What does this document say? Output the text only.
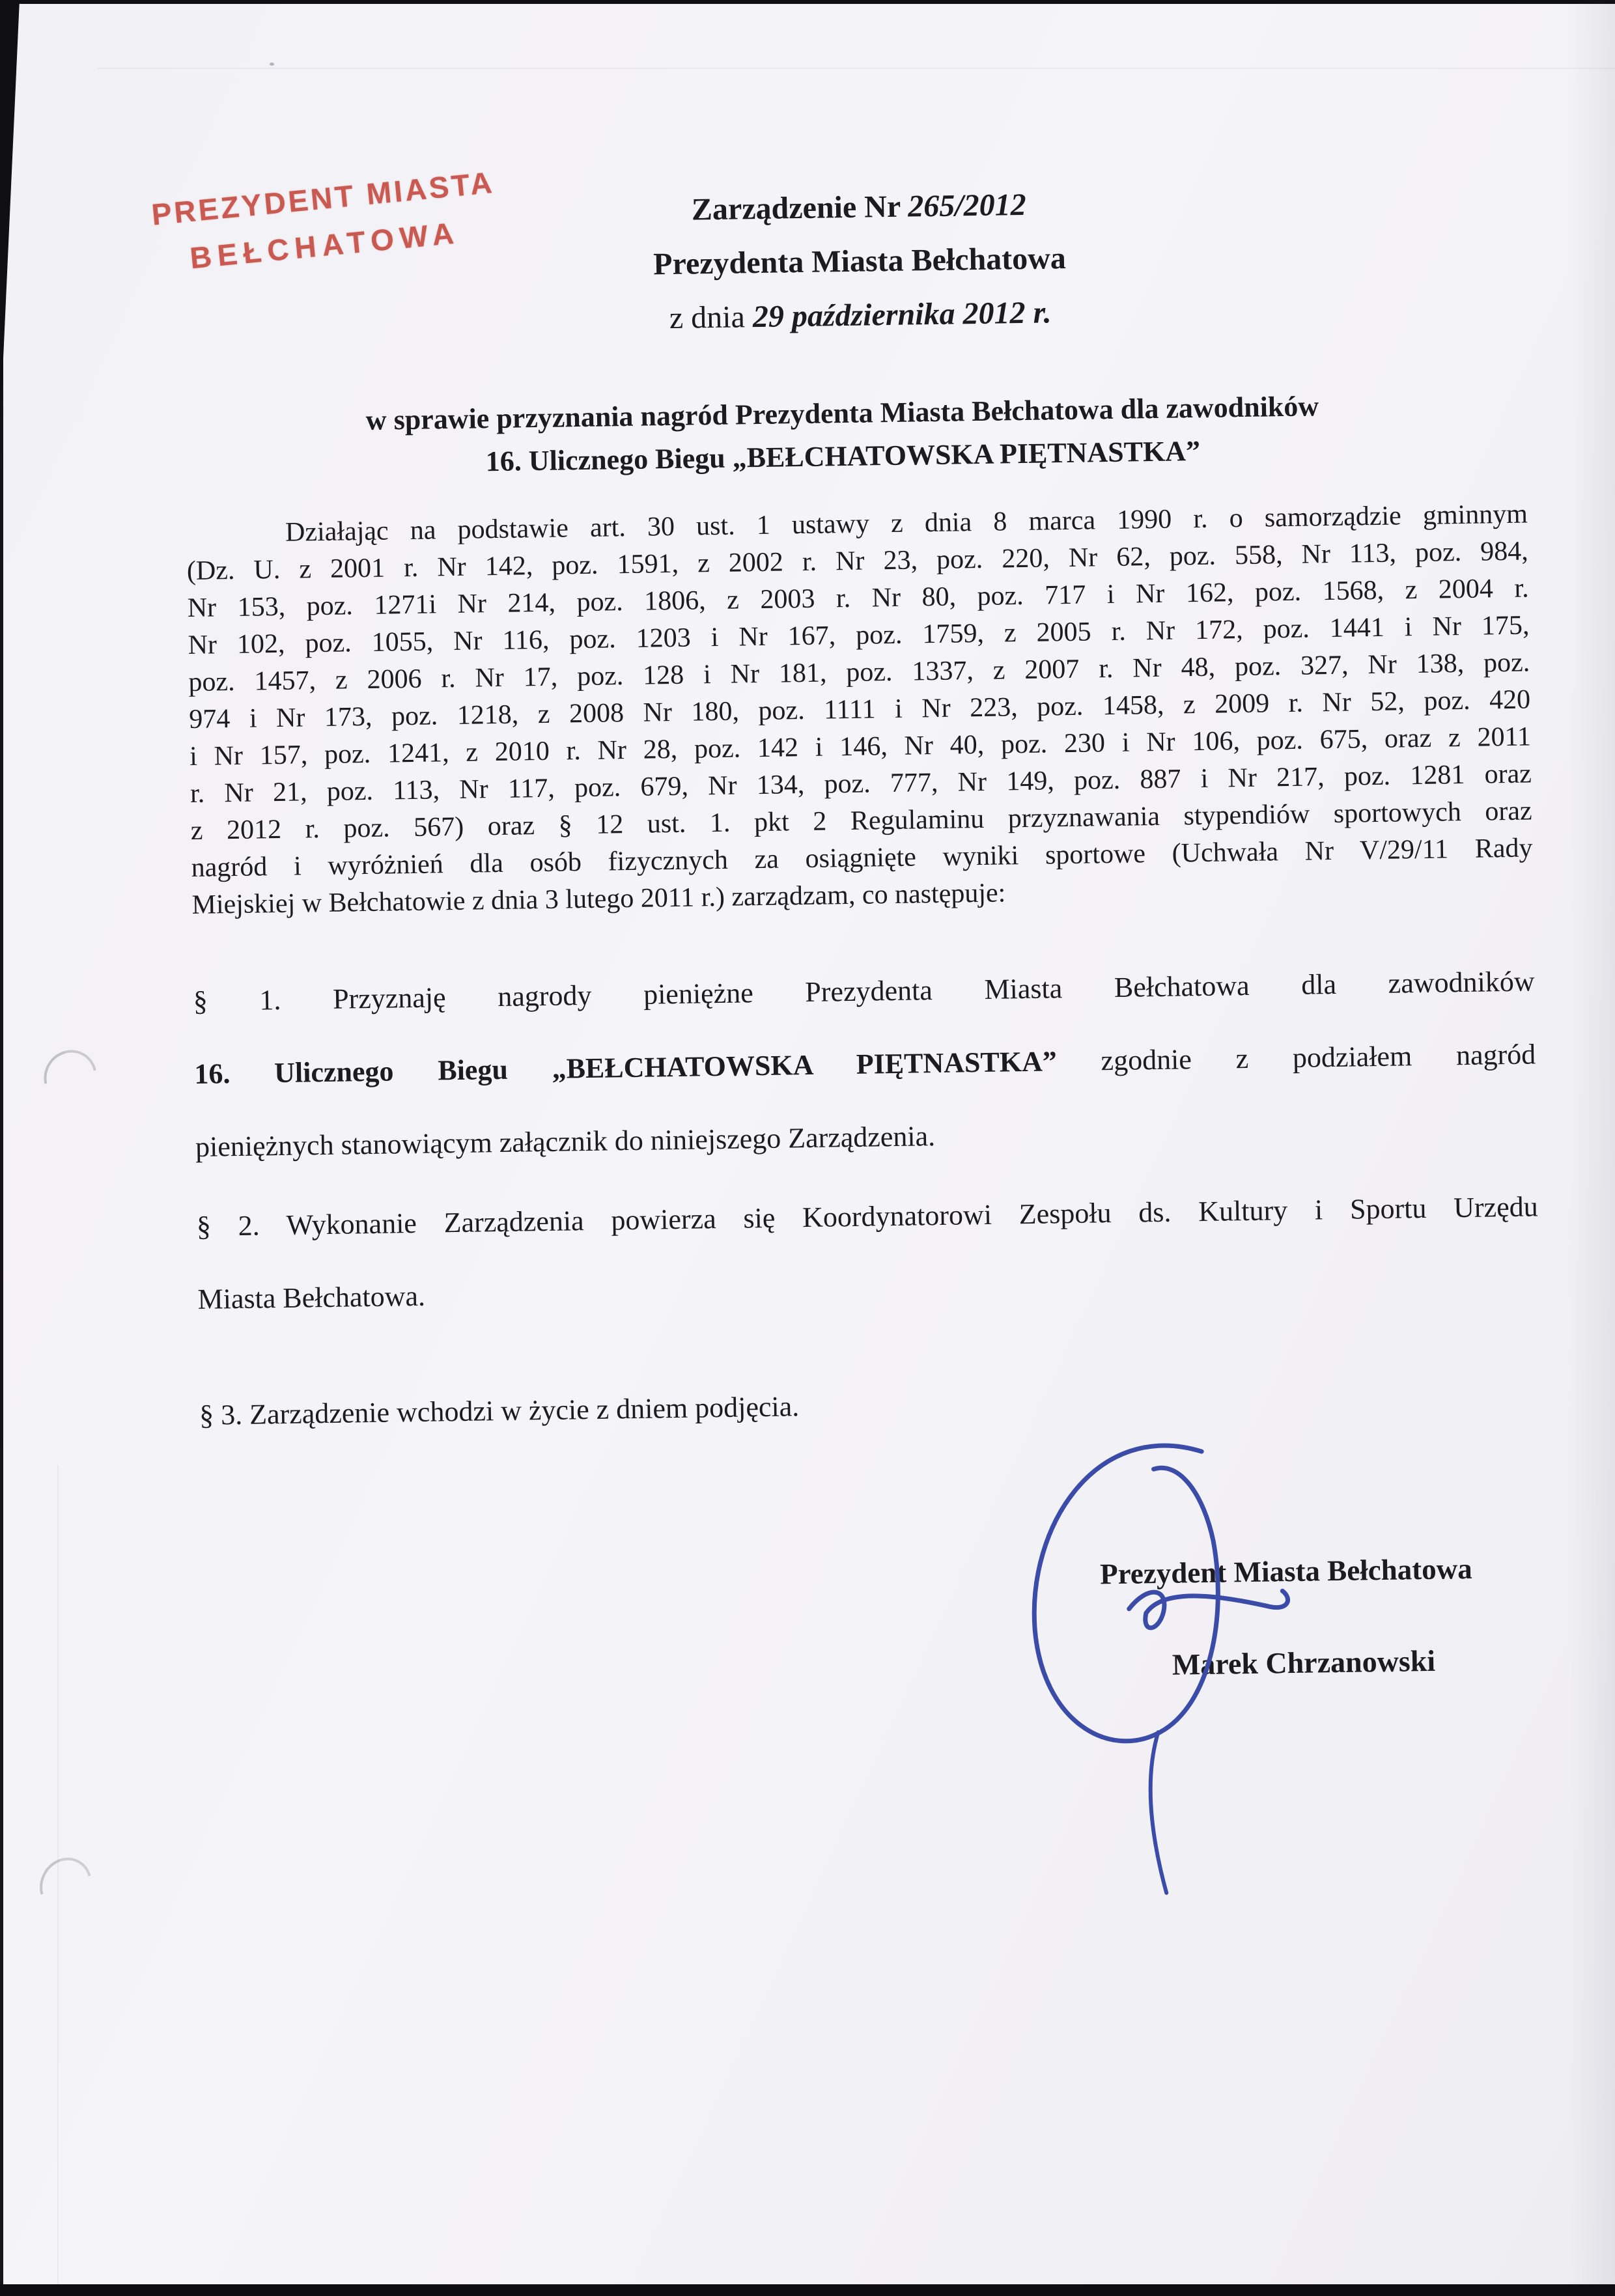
PREZYDENT MIASTA
BEŁCHATOWA
Zarządzenie Nr 265/2012
Prezydenta Miasta Bełchatowa
z dnia 29 października 2012 r.
w sprawie przyznania nagród Prezydenta Miasta Bełchatowa dla zawodników
16. Ulicznego Biegu „BEŁCHATOWSKA PIĘTNASTKA”
Działając na podstawie art. 30 ust. 1 ustawy z dnia 8 marca 1990 r. o samorządzie gminnym
(Dz. U. z 2001 r. Nr 142, poz. 1591, z 2002 r. Nr 23, poz. 220, Nr 62, poz. 558, Nr 113, poz. 984,
Nr 153, poz. 1271i Nr 214, poz. 1806, z 2003 r. Nr 80, poz. 717 i Nr 162, poz. 1568, z 2004 r.
Nr 102, poz. 1055, Nr 116, poz. 1203 i Nr 167, poz. 1759, z 2005 r. Nr 172, poz. 1441 i Nr 175,
poz. 1457, z 2006 r. Nr 17, poz. 128 i Nr 181, poz. 1337, z 2007 r. Nr 48, poz. 327, Nr 138, poz.
974 i Nr 173, poz. 1218, z 2008 Nr 180, poz. 1111 i Nr 223, poz. 1458, z 2009 r. Nr 52, poz. 420
i Nr 157, poz. 1241, z 2010 r. Nr 28, poz. 142 i 146, Nr 40, poz. 230 i Nr 106, poz. 675, oraz z 2011
r. Nr 21, poz. 113, Nr 117, poz. 679, Nr 134, poz. 777, Nr 149, poz. 887 i Nr 217, poz. 1281 oraz
z 2012 r. poz. 567) oraz § 12 ust. 1. pkt 2 Regulaminu przyznawania stypendiów sportowych oraz
nagród i wyróżnień dla osób fizycznych za osiągnięte wyniki sportowe (Uchwała Nr V/29/11 Rady
Miejskiej w Bełchatowie z dnia 3 lutego 2011 r.) zarządzam, co następuje:
§ 1. Przyznaję nagrody pieniężne Prezydenta Miasta Bełchatowa dla zawodników
16. Ulicznego Biegu „BEŁCHATOWSKA PIĘTNASTKA” zgodnie z podziałem nagród
pieniężnych stanowiącym załącznik do niniejszego Zarządzenia.
§ 2. Wykonanie Zarządzenia powierza się Koordynatorowi Zespołu ds. Kultury i Sportu Urzędu
Miasta Bełchatowa.
§ 3. Zarządzenie wchodzi w życie z dniem podjęcia.
Prezydent Miasta Bełchatowa
Marek Chrzanowski
